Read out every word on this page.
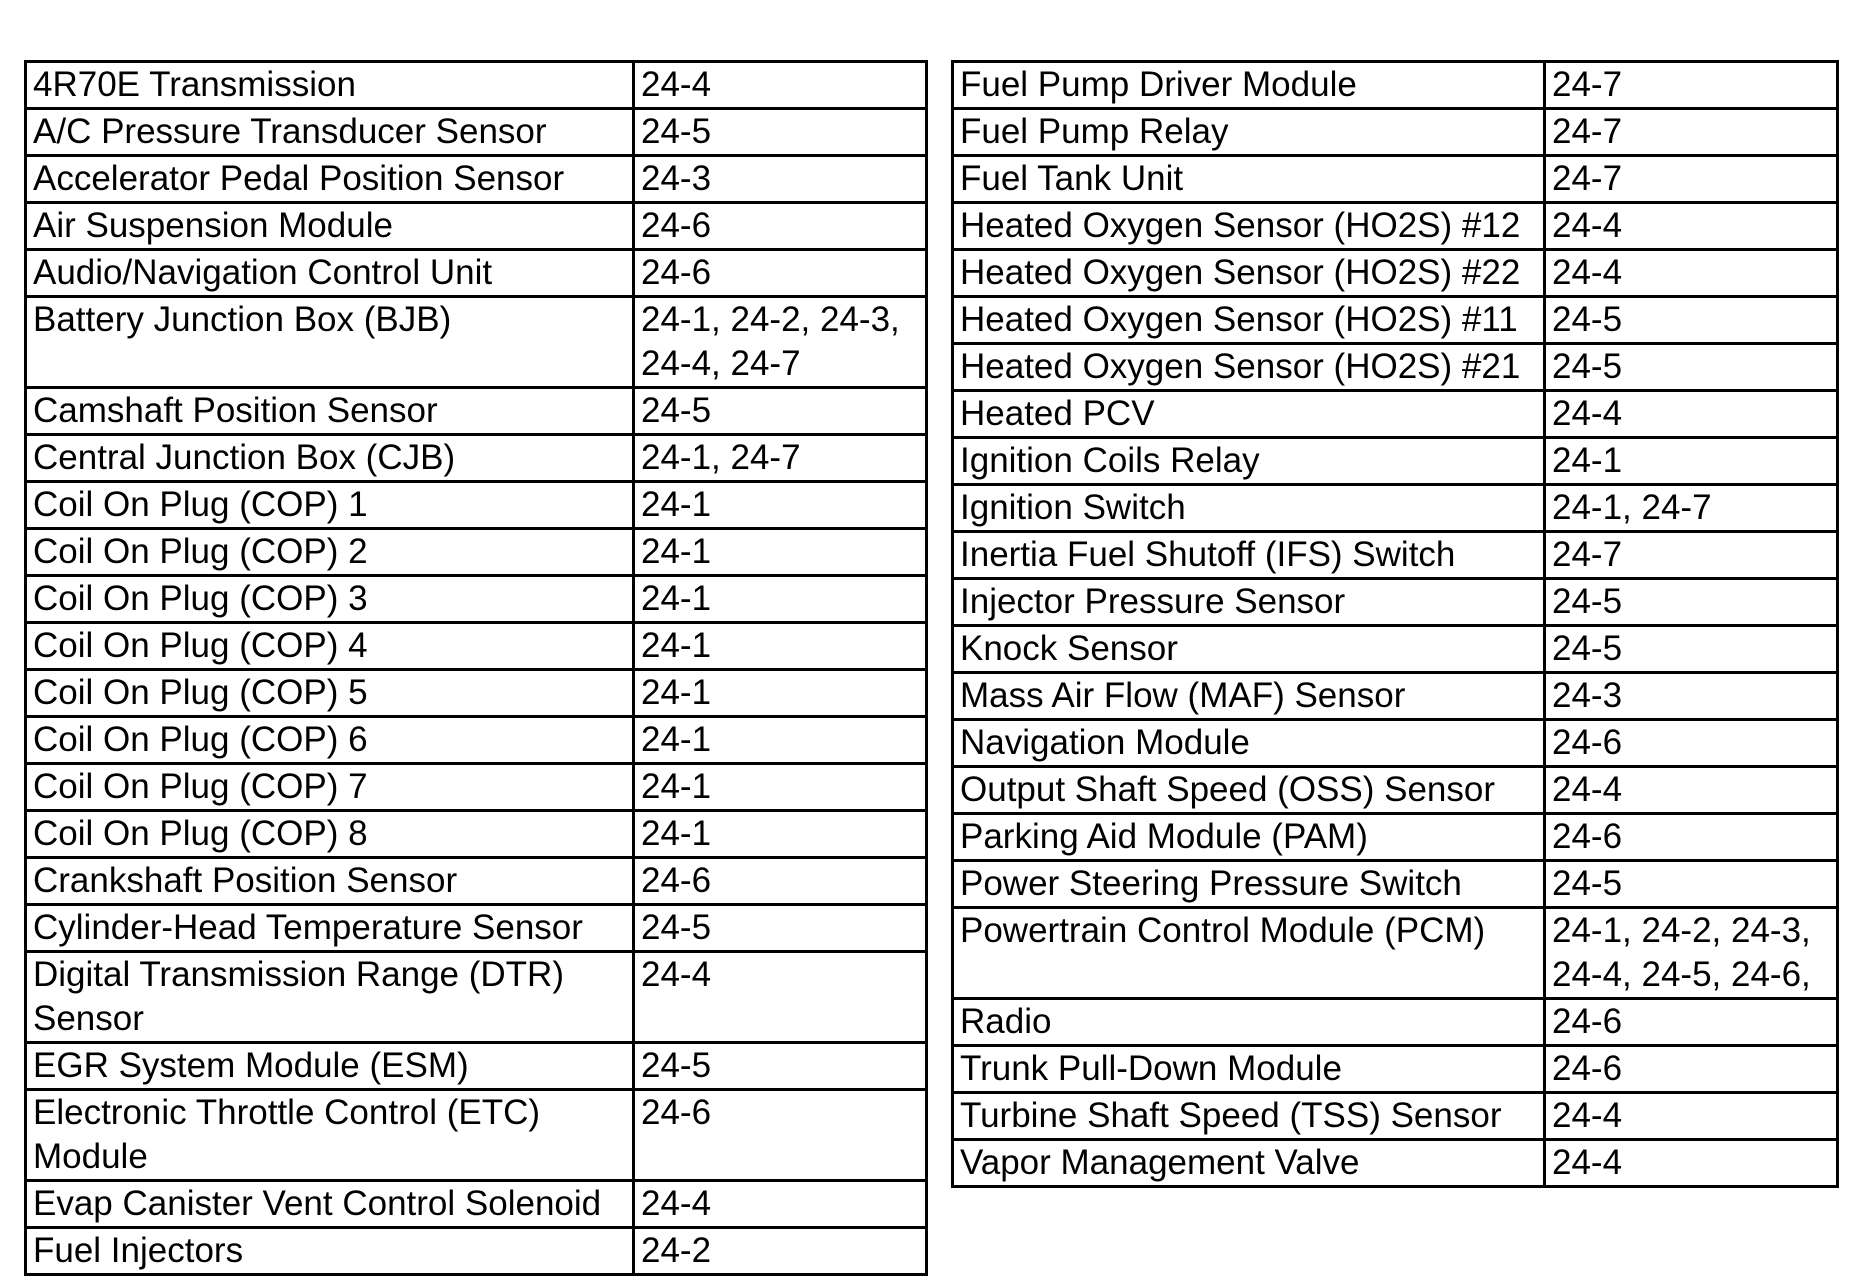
4R70E Transmission	24-4
A/C Pressure Transducer Sensor	24-5
Accelerator Pedal Position Sensor	24-3
Air Suspension Module	24-6
Audio/Navigation Control Unit	24-6
Battery Junction Box (BJB)	24-1, 24-2, 24-3,
24-4, 24-7
Camshaft Position Sensor	24-5
Central Junction Box (CJB)	24-1, 24-7
Coil On Plug (COP) 1	24-1
Coil On Plug (COP) 2	24-1
Coil On Plug (COP) 3	24-1
Coil On Plug (COP) 4	24-1
Coil On Plug (COP) 5	24-1
Coil On Plug (COP) 6	24-1
Coil On Plug (COP) 7	24-1
Coil On Plug (COP) 8	24-1
Crankshaft Position Sensor	24-6
Cylinder-Head Temperature Sensor	24-5
Digital Transmission Range (DTR)
Sensor	24-4
EGR System Module (ESM)	24-5
Electronic Throttle Control (ETC)
Module	24-6
Evap Canister Vent Control Solenoid	24-4
Fuel Injectors	24-2
Fuel Pump Driver Module	24-7
Fuel Pump Relay	24-7
Fuel Tank Unit	24-7
Heated Oxygen Sensor (HO2S) #12	24-4
Heated Oxygen Sensor (HO2S) #22	24-4
Heated Oxygen Sensor (HO2S) #11	24-5
Heated Oxygen Sensor (HO2S) #21	24-5
Heated PCV	24-4
Ignition Coils Relay	24-1
Ignition Switch	24-1, 24-7
Inertia Fuel Shutoff (IFS) Switch	24-7
Injector Pressure Sensor	24-5
Knock Sensor	24-5
Mass Air Flow (MAF) Sensor	24-3
Navigation Module	24-6
Output Shaft Speed (OSS) Sensor	24-4
Parking Aid Module (PAM)	24-6
Power Steering Pressure Switch	24-5
Powertrain Control Module (PCM)	24-1, 24-2, 24-3,
24-4, 24-5, 24-6,
Radio	24-6
Trunk Pull-Down Module	24-6
Turbine Shaft Speed (TSS) Sensor	24-4
Vapor Management Valve	24-4
